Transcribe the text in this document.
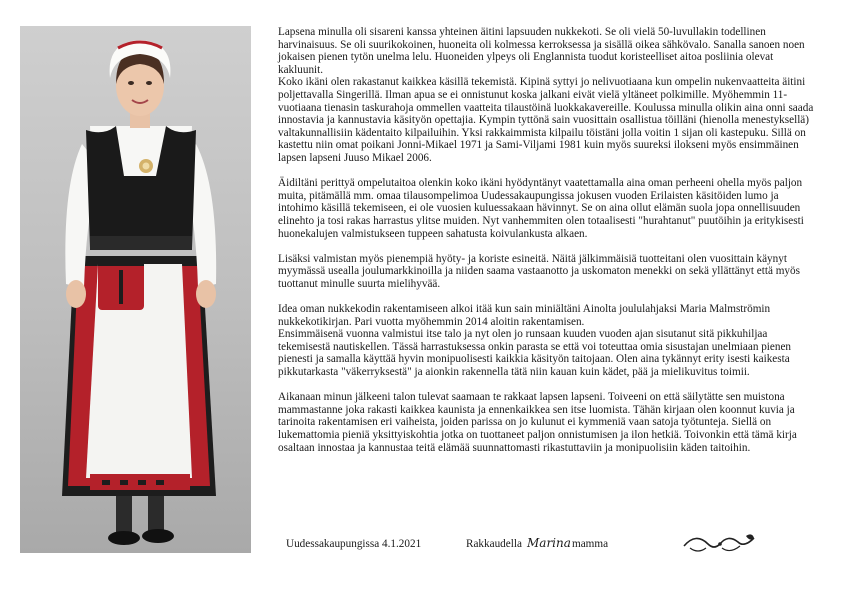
Lapsena minulla oli sisareni kanssa yhteinen äitini lapsuuden nukkekoti. Se oli vielä 50-luvullakin todellinen harvinaisuus. Se oli suurikokoinen, huoneita oli kolmessa kerroksessa ja sisällä oikea sähkövalo. Sanalla sanoen noen jokaisen pienen tytön unelma lelu. Huoneiden ylpeys oli Englannista tuodut koristeelliset aitoa posliinia olevat kakluunit.
Koko ikäni olen rakastanut kaikkea käsillä tekemistä. Kipinä syttyi jo nelivuotiaana kun ompelin nukenvaatteita äitini poljettavalla Singerillä. Ilman apua se ei onnistunut koska jalkani eivät vielä yltäneet polkimille. Myöhemmin 11-vuotiaana tienasin taskurahoja ommellen vaatteita tilaustöinä luokkakavereille. Koulussa minulla olikin aina onni saada innostavia ja kannustavia käsityön opettajia. Kympin tyttönä sain vuosittain osallistua töilläni (hienolla menestyksellä) valtakunnallisiin kädentaito kilpailuihin. Yksi rakkaimmista kilpailu töistäni jolla voitin 1 sijan oli kastepuku. Sillä on kastettu niin omat poikani Jonni-Mikael 1971 ja Sami-Viljami 1981 kuin myös suureksi ilokseni myös ensimmäinen lapsen lapseni Juuso Mikael 2006.

Äidiltäni perittyä ompelutaitoa olenkin koko ikäni hyödyntänyt vaatettamalla aina oman perheeni ohella myös paljon muita, pitämällä mm. omaa tilausompelimoa Uudessakaupungissa jokusen vuoden Erilaisten käsitöiden lumo ja intohimo käsillä tekemiseen, ei ole vuosien kuluessakaan hävinnyt. Se on aina ollut elämän suola jopa onnellisuuden elinehto ja tosi rakas harrastus ylitse muiden. Nyt vanhemmiten olen totaalisesti "hurahtanut" puutöihin ja eritykisesti huonekalujen valmistukseen tuppeen sahatusta koivulankusta alkaen.

Lisäksi valmistan myös pienempiä hyöty- ja koriste esineitä. Näitä jälkimmäisiä tuotteitani olen vuosittain käynyt myymässä usealla joulumarkkinoilla ja niiden saama vastaanotto ja uskomaton menekki on sekä yllättänyt että myös tuottanut minulle suurta mielihyvää.

Idea oman nukkekodin rakentamiseen alkoi itää kun sain miniältäni Ainolta joululahjaksi Maria Malmströmin nukkekotikirjan. Pari vuotta myöhemmin 2014 aloitin rakentamisen.
Ensimmäisenä vuonna valmistui itse talo ja nyt olen jo runsaan kuuden vuoden ajan sisutanut sitä pikkuhiljaa tekemisestä nautiskellen. Tässä harrastuksessa onkin parasta se että voi toteuttaa omia sisustajan unelmiaan pienen pienesti ja samalla käyttää hyvin monipuolisesti kaikkia käsityön taitojaan. Olen aina tykännyt erity isesti kaikesta pikkutarkasta "väkerryksestä" ja aionkin rakennella tätä niin kauan kuin kädet, pää ja mielikuvitus toimii.

Aikanaan minun jälkeeni talon tulevat saamaan te rakkaat lapsen lapseni. Toiveeni on että säilytätte sen muistona mammastanne joka rakasti kaikkea kaunista ja ennenkaikkea sen itse luomista. Tähän kirjaan olen koonnut kuvia ja tarinoita rakentamisen eri vaiheista, joiden parissa on jo kulunut ei kymmeniä vaan satoja työtunteja. Siellä on lukemattomia pieniä yksittyiskohtia jotka on tuottaneet paljon onnistumisen ja ilon hetkiä. Toivonkin että tämä kirja osaltaan innostaa ja kannustaa teitä elämää suunnattomasti rikastuttaviin ja monipuolisiin käden taitoihin.

Uudessakaupungissa 4.1.2021	Rakkaudella Marina mamma
